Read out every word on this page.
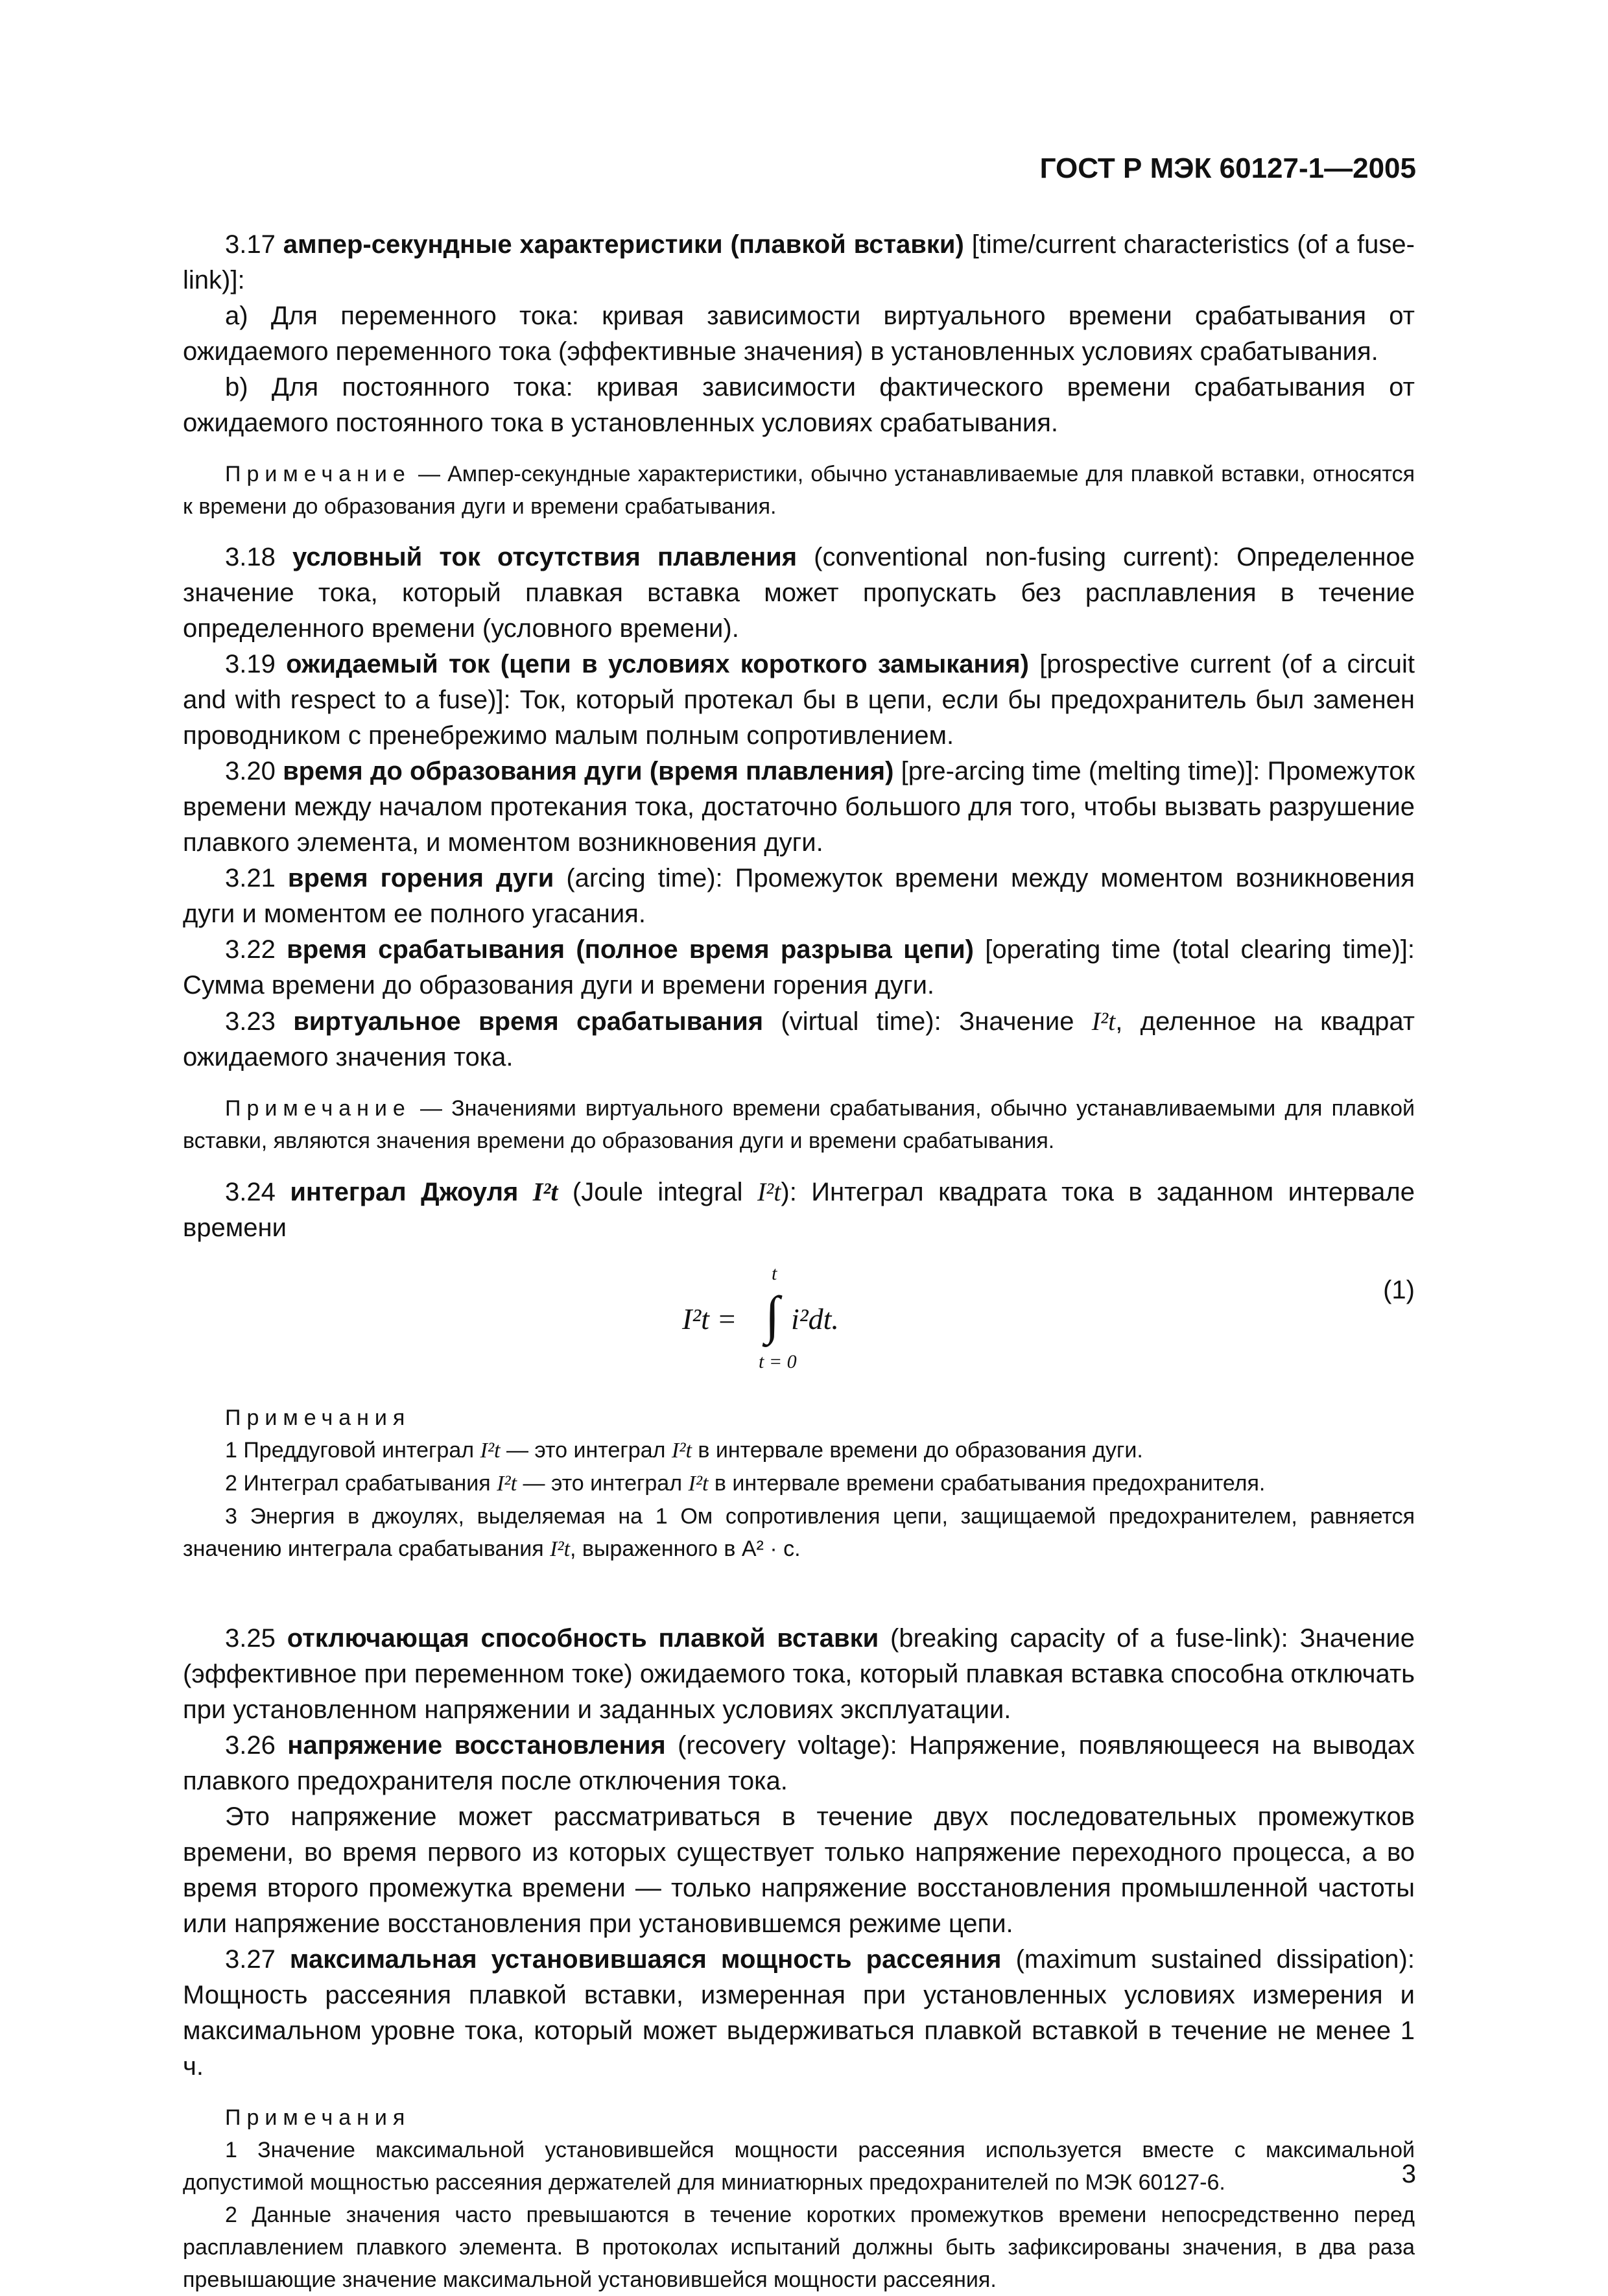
ГОСТ Р МЭК 60127-1—2005

3.17 ампер-секундные характеристики (плавкой вставки) [time/current characteristics (of a fuse-link)]:

а) Для переменного тока: кривая зависимости виртуального времени срабатывания от ожидаемого переменного тока (эффективные значения) в установленных условиях срабатывания.

b) Для постоянного тока: кривая зависимости фактического времени срабатывания от ожидаемого постоянного тока в установленных условиях срабатывания.

Примечание — Ампер-секундные характеристики, обычно устанавливаемые для плавкой вставки, относятся к времени до образования дуги и времени срабатывания.

3.18 условный ток отсутствия плавления (conventional non-fusing current): Определенное значение тока, который плавкая вставка может пропускать без расплавления в течение определенного времени (условного времени).

3.19 ожидаемый ток (цепи в условиях короткого замыкания) [prospective current (of a circuit and with respect to a fuse)]: Ток, который протекал бы в цепи, если бы предохранитель был заменен проводником с пренебрежимо малым полным сопротивлением.

3.20 время до образования дуги (время плавления) [pre-arcing time (melting time)]: Промежуток времени между началом протекания тока, достаточно большого для того, чтобы вызвать разрушение плавкого элемента, и моментом возникновения дуги.

3.21 время горения дуги (arcing time): Промежуток времени между моментом возникновения дуги и моментом ее полного угасания.

3.22 время срабатывания (полное время разрыва цепи) [operating time (total clearing time)]: Сумма времени до образования дуги и времени горения дуги.

3.23 виртуальное время срабатывания (virtual time): Значение I²t, деленное на квадрат ожидаемого значения тока.

Примечание — Значениями виртуального времени срабатывания, обычно устанавливаемыми для плавкой вставки, являются значения времени до образования дуги и времени срабатывания.

3.24 интеграл Джоуля I²t (Joule integral I²t): Интеграл квадрата тока в заданном интервале времени

I²t = ∫
t
t = 0
i²dt.
(1)

Примечания

1 Преддуговой интеграл I²t — это интеграл I²t в интервале времени до образования дуги.

2 Интеграл срабатывания I²t — это интеграл I²t в интервале времени срабатывания предохранителя.

3 Энергия в джоулях, выделяемая на 1 Ом сопротивления цепи, защищаемой предохранителем, равняется значению интеграла срабатывания I²t, выраженного в А² · с.

3.25 отключающая способность плавкой вставки (breaking capacity of a fuse-link): Значение (эффективное при переменном токе) ожидаемого тока, который плавкая вставка способна отключать при установленном напряжении и заданных условиях эксплуатации.

3.26 напряжение восстановления (recovery voltage): Напряжение, появляющееся на выводах плавкого предохранителя после отключения тока.

Это напряжение может рассматриваться в течение двух последовательных промежутков времени, во время первого из которых существует только напряжение переходного процесса, а во время второго промежутка времени — только напряжение восстановления промышленной частоты или напряжение восстановления при установившемся режиме цепи.

3.27 максимальная установившаяся мощность рассеяния (maximum sustained dissipation): Мощность рассеяния плавкой вставки, измеренная при установленных условиях измерения и максимальном уровне тока, который может выдерживаться плавкой вставкой в течение не менее 1 ч.

Примечания

1 Значение максимальной установившейся мощности рассеяния используется вместе с максимальной допустимой мощностью рассеяния держателей для миниатюрных предохранителей по МЭК 60127-6.

2 Данные значения часто превышаются в течение коротких промежутков времени непосредственно перед расплавлением плавкого элемента. В протоколах испытаний должны быть зафиксированы значения, в два раза превышающие значение максимальной установившейся мощности рассеяния.

3
